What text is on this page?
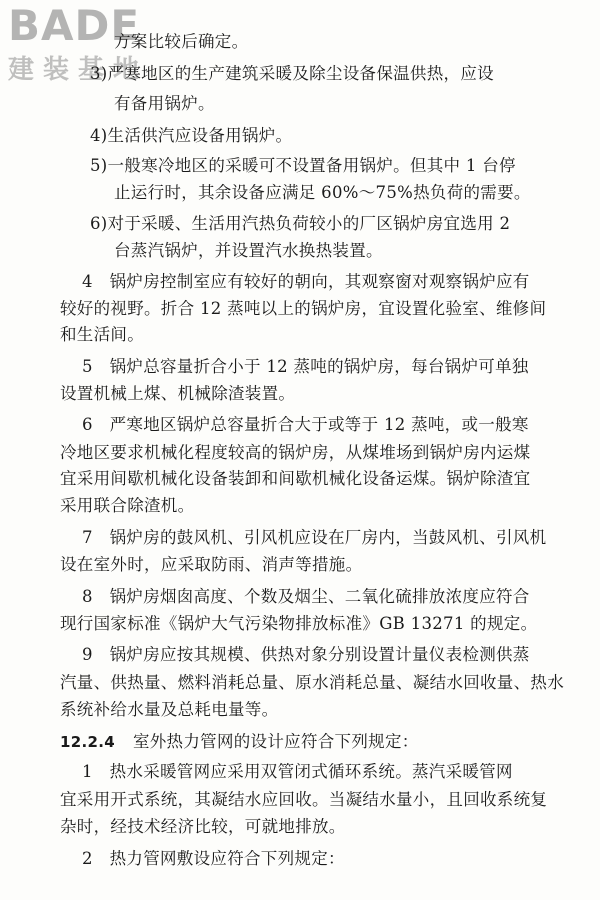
BADE
建装基地
方案比较后确定。
3)严寒地区的生产建筑采暖及除尘设备保温供热，应设
有备用锅炉。
4)生活供汽应设备用锅炉。
5)一般寒冷地区的采暖可不设置备用锅炉。但其中 1 台停
止运行时，其余设备应满足 60%～75%热负荷的需要。
6)对于采暖、生活用汽热负荷较小的厂区锅炉房宜选用 2
台蒸汽锅炉，并设置汽水换热装置。
4　锅炉房控制室应有较好的朝向，其观察窗对观察锅炉应有
较好的视野。折合 12 蒸吨以上的锅炉房，宜设置化验室、维修间
和生活间。
5　锅炉总容量折合小于 12 蒸吨的锅炉房，每台锅炉可单独
设置机械上煤、机械除渣装置。
6　严寒地区锅炉总容量折合大于或等于 12 蒸吨，或一般寒
冷地区要求机械化程度较高的锅炉房，从煤堆场到锅炉房内运煤
宜采用间歇机械化设备装卸和间歇机械化设备运煤。锅炉除渣宜
采用联合除渣机。
7　锅炉房的鼓风机、引风机应设在厂房内，当鼓风机、引风机
设在室外时，应采取防雨、消声等措施。
8　锅炉房烟囱高度、个数及烟尘、二氧化硫排放浓度应符合
现行国家标准《锅炉大气污染物排放标准》GB 13271 的规定。
9　锅炉房应按其规模、供热对象分别设置计量仪表检测供蒸
汽量、供热量、燃料消耗总量、原水消耗总量、凝结水回收量、热水
系统补给水量及总耗电量等。
12.2.4 室外热力管网的设计应符合下列规定：
1　热水采暖管网应采用双管闭式循环系统。蒸汽采暖管网
宜采用开式系统，其凝结水应回收。当凝结水量小，且回收系统复
杂时，经技术经济比较，可就地排放。
2　热力管网敷设应符合下列规定：
